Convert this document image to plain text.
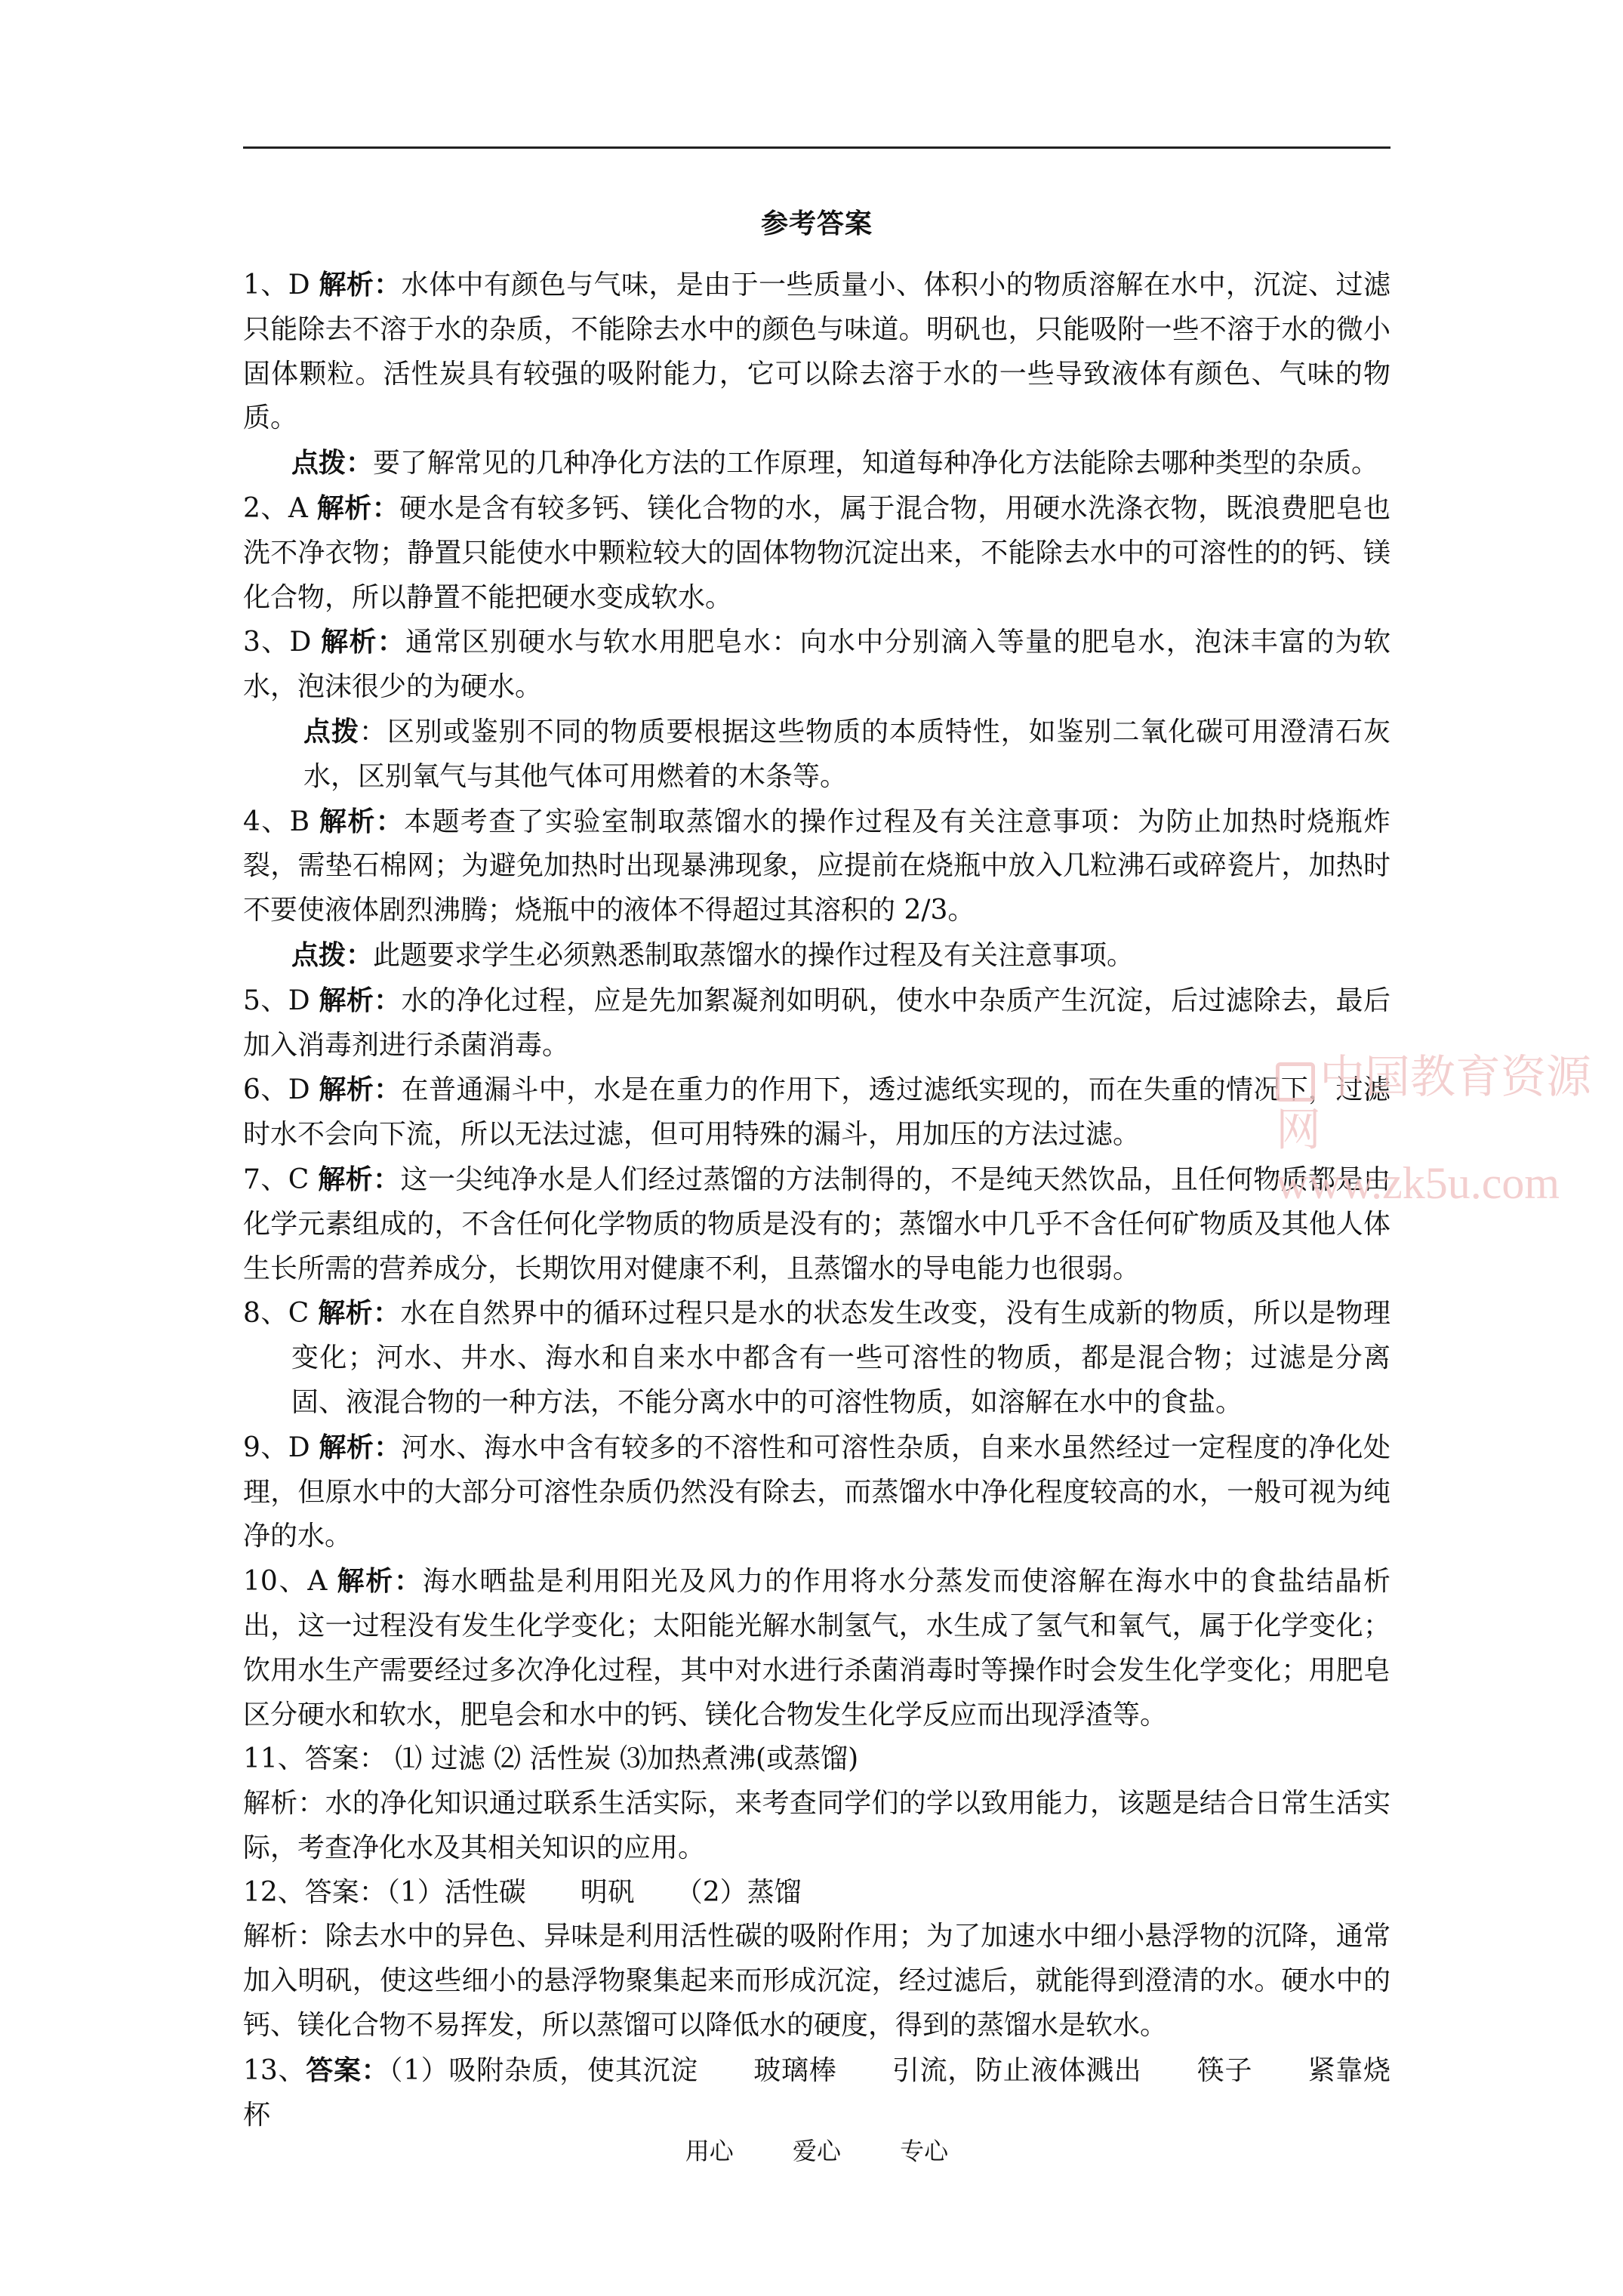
参考答案

1、D 解析：水体中有颜色与气味，是由于一些质量小、体积小的物质溶解在水中，沉淀、过滤只能除去不溶于水的杂质，不能除去水中的颜色与味道。明矾也，只能吸附一些不溶于水的微小固体颗粒。活性炭具有较强的吸附能力，它可以除去溶于水的一些导致液体有颜色、气味的物质。

点拨：要了解常见的几种净化方法的工作原理，知道每种净化方法能除去哪种类型的杂质。

2、A 解析：硬水是含有较多钙、镁化合物的水，属于混合物，用硬水洗涤衣物，既浪费肥皂也洗不净衣物；静置只能使水中颗粒较大的固体物物沉淀出来，不能除去水中的可溶性的的钙、镁化合物，所以静置不能把硬水变成软水。

3、D 解析：通常区别硬水与软水用肥皂水：向水中分别滴入等量的肥皂水，泡沫丰富的为软水，泡沫很少的为硬水。

点拨：区别或鉴别不同的物质要根据这些物质的本质特性，如鉴别二氧化碳可用澄清石灰水，区别氧气与其他气体可用燃着的木条等。

4、B 解析：本题考查了实验室制取蒸馏水的操作过程及有关注意事项：为防止加热时烧瓶炸裂，需垫石棉网；为避免加热时出现暴沸现象，应提前在烧瓶中放入几粒沸石或碎瓷片，加热时不要使液体剧烈沸腾；烧瓶中的液体不得超过其溶积的 2/3。

点拨：此题要求学生必须熟悉制取蒸馏水的操作过程及有关注意事项。

5、D 解析：水的净化过程，应是先加絮凝剂如明矾，使水中杂质产生沉淀，后过滤除去，最后加入消毒剂进行杀菌消毒。

6、D 解析：在普通漏斗中，水是在重力的作用下，透过滤纸实现的，而在失重的情况下，过滤时水不会向下流，所以无法过滤，但可用特殊的漏斗，用加压的方法过滤。

7、C 解析：这一尖纯净水是人们经过蒸馏的方法制得的，不是纯天然饮品，且任何物质都是由化学元素组成的，不含任何化学物质的物质是没有的；蒸馏水中几乎不含任何矿物质及其他人体生长所需的营养成分，长期饮用对健康不利，且蒸馏水的导电能力也很弱。

8、C 解析：水在自然界中的循环过程只是水的状态发生改变，没有生成新的物质，所以是物理变化；河水、井水、海水和自来水中都含有一些可溶性的物质，都是混合物；过滤是分离固、液混合物的一种方法，不能分离水中的可溶性物质，如溶解在水中的食盐。

9、D 解析：河水、海水中含有较多的不溶性和可溶性杂质，自来水虽然经过一定程度的净化处理，但原水中的大部分可溶性杂质仍然没有除去，而蒸馏水中净化程度较高的水，一般可视为纯净的水。

10、A 解析：海水晒盐是利用阳光及风力的作用将水分蒸发而使溶解在海水中的食盐结晶析出，这一过程没有发生化学变化；太阳能光解水制氢气，水生成了氢气和氧气，属于化学变化；饮用水生产需要经过多次净化过程，其中对水进行杀菌消毒时等操作时会发生化学变化；用肥皂区分硬水和软水，肥皂会和水中的钙、镁化合物发生化学反应而出现浮渣等。

11、答案： ⑴ 过滤 ⑵ 活性炭 ⑶加热煮沸(或蒸馏)

解析：水的净化知识通过联系生活实际，来考查同学们的学以致用能力，该题是结合日常生活实际，考查净化水及其相关知识的应用。

12、答案：（1）活性碳　　明矾　　（2）蒸馏

解析：除去水中的异色、异味是利用活性碳的吸附作用；为了加速水中细小悬浮物的沉降，通常加入明矾，使这些细小的悬浮物聚集起来而形成沉淀，经过滤后，就能得到澄清的水。硬水中的钙、镁化合物不易挥发，所以蒸馏可以降低水的硬度，得到的蒸馏水是软水。

13、答案：（1）吸附杂质，使其沉淀　　玻璃棒　　引流，防止液体溅出　　筷子　　紧靠烧杯

中国教育资源网
www.zk5u.com
用心 爱心 专心
